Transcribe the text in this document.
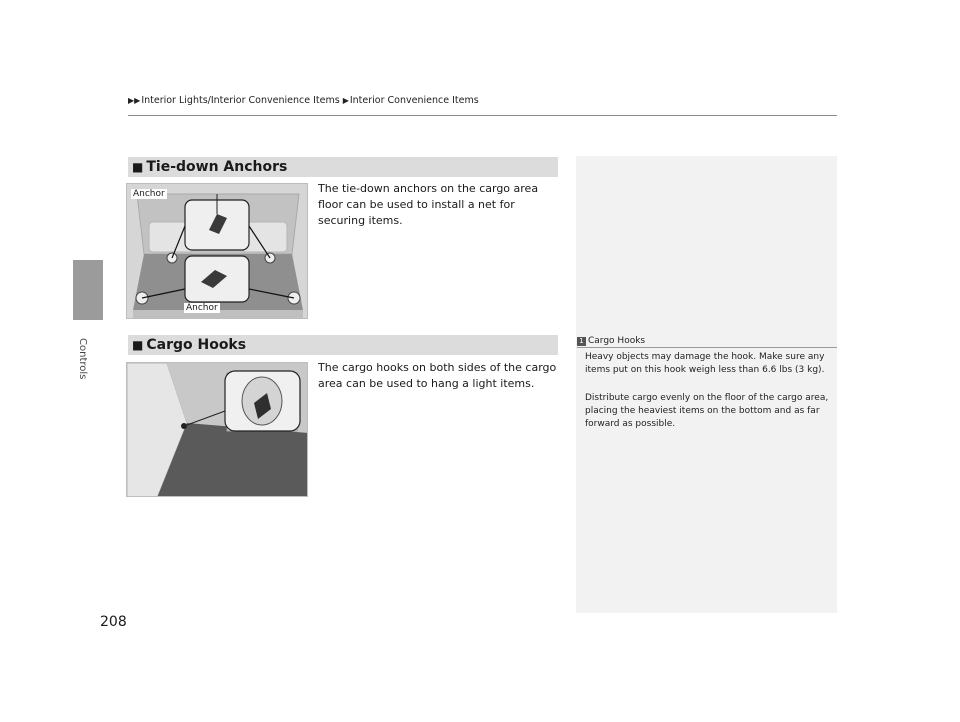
Controls
▶▶Interior Lights/Interior Convenience Items ▶Interior Convenience Items
■ Tie-down Anchors
The tie-down anchors on the cargo area floor can be used to install a net for securing items.
Anchor
Anchor
■ Cargo Hooks
The cargo hooks on both sides of the cargo area can be used to hang a light items.
1 Cargo Hooks
Heavy objects may damage the hook. Make sure any items put on this hook weigh less than 6.6 lbs (3 kg).
Distribute cargo evenly on the floor of the cargo area, placing the heaviest items on the bottom and as far forward as possible.
208
